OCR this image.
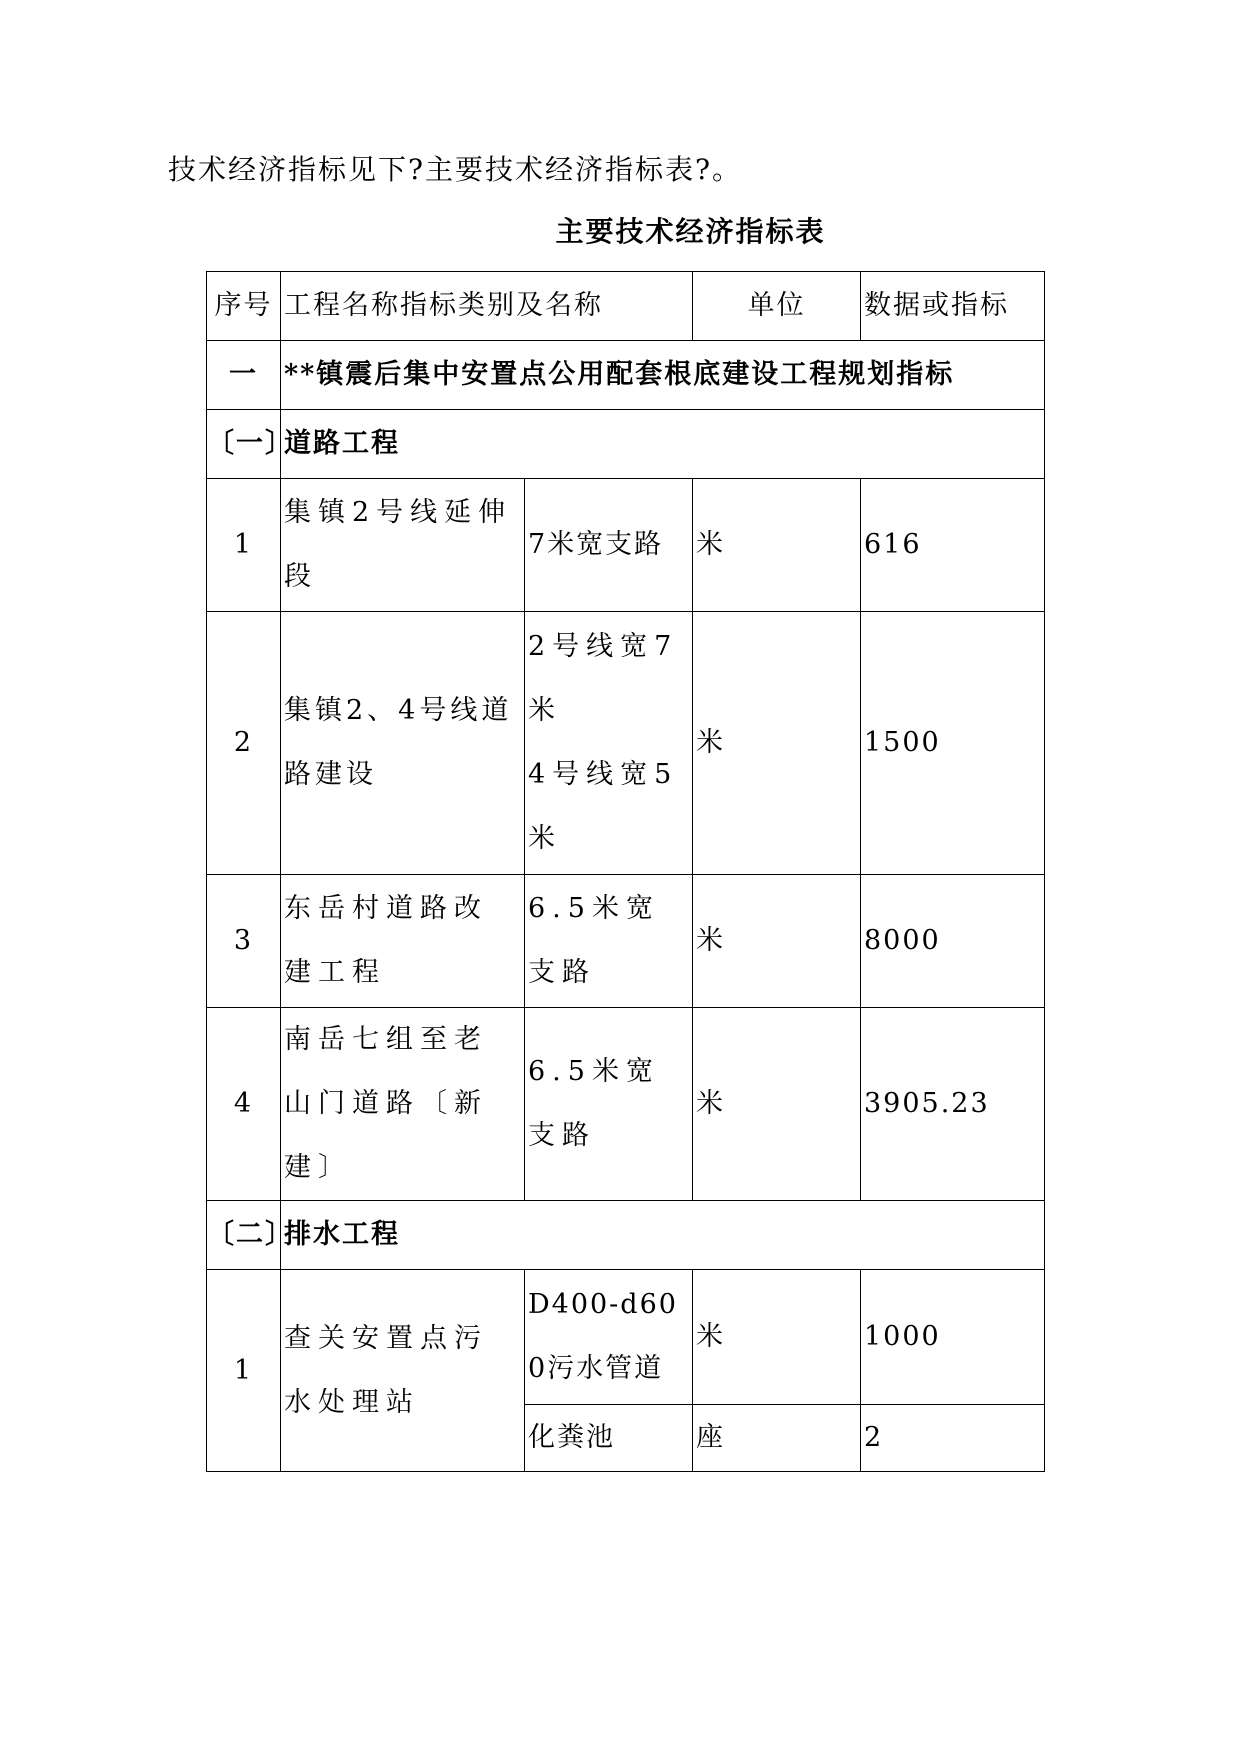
技术经济指标见下?主要技术经济指标表?。
主要技术经济指标表
序号	工程名称指标类别及名称		单位	数据或指标
一	**镇震后集中安置点公用配套根底建设工程规划指标			
〔一〕	道路工程			
1	集镇2号线延伸段	7米宽支路	米	616
2	集镇2、4号线道路建设	2号线宽7米
4号线宽5米	米	1500
3	东岳村道路改建工程	6.5米宽支路	米	8000
4	南岳七组至老山门道路〔新建〕	6.5米宽支路	米	3905.23
〔二〕	排水工程			
1	查关安置点污水处理站	D400-d600污水管道	米	1000
		化粪池	座	2
